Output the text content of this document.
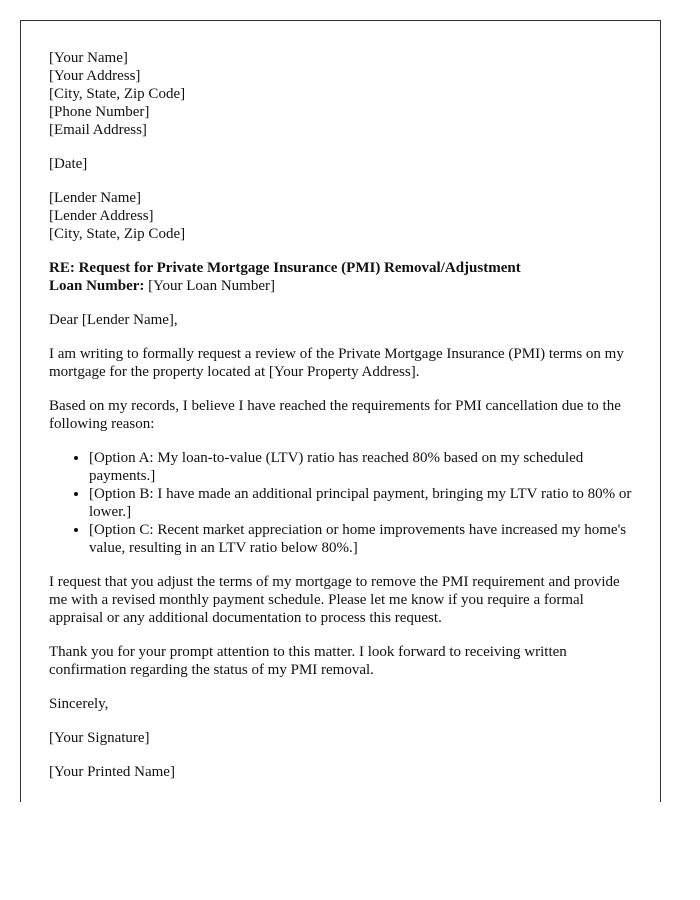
[Your Name]
[Your Address]
[City, State, Zip Code]
[Phone Number]
[Email Address]
[Date]
[Lender Name]
[Lender Address]
[City, State, Zip Code]
RE: Request for Private Mortgage Insurance (PMI) Removal/Adjustment
Loan Number: [Your Loan Number]

Dear [Lender Name],

I am writing to formally request a review of the Private Mortgage Insurance (PMI) terms on my mortgage for the property located at [Your Property Address].

Based on my records, I believe I have reached the requirements for PMI cancellation due to the following reason:

• [Option A: My loan-to-value (LTV) ratio has reached 80% based on my scheduled payments.]
• [Option B: I have made an additional principal payment, bringing my LTV ratio to 80% or lower.]
• [Option C: Recent market appreciation or home improvements have increased my home's value, resulting in an LTV ratio below 80%.]

I request that you adjust the terms of my mortgage to remove the PMI requirement and provide me with a revised monthly payment schedule. Please let me know if you require a formal appraisal or any additional documentation to process this request.

Thank you for your prompt attention to this matter. I look forward to receiving written confirmation regarding the status of my PMI removal.

Sincerely,

[Your Signature]

[Your Printed Name]
